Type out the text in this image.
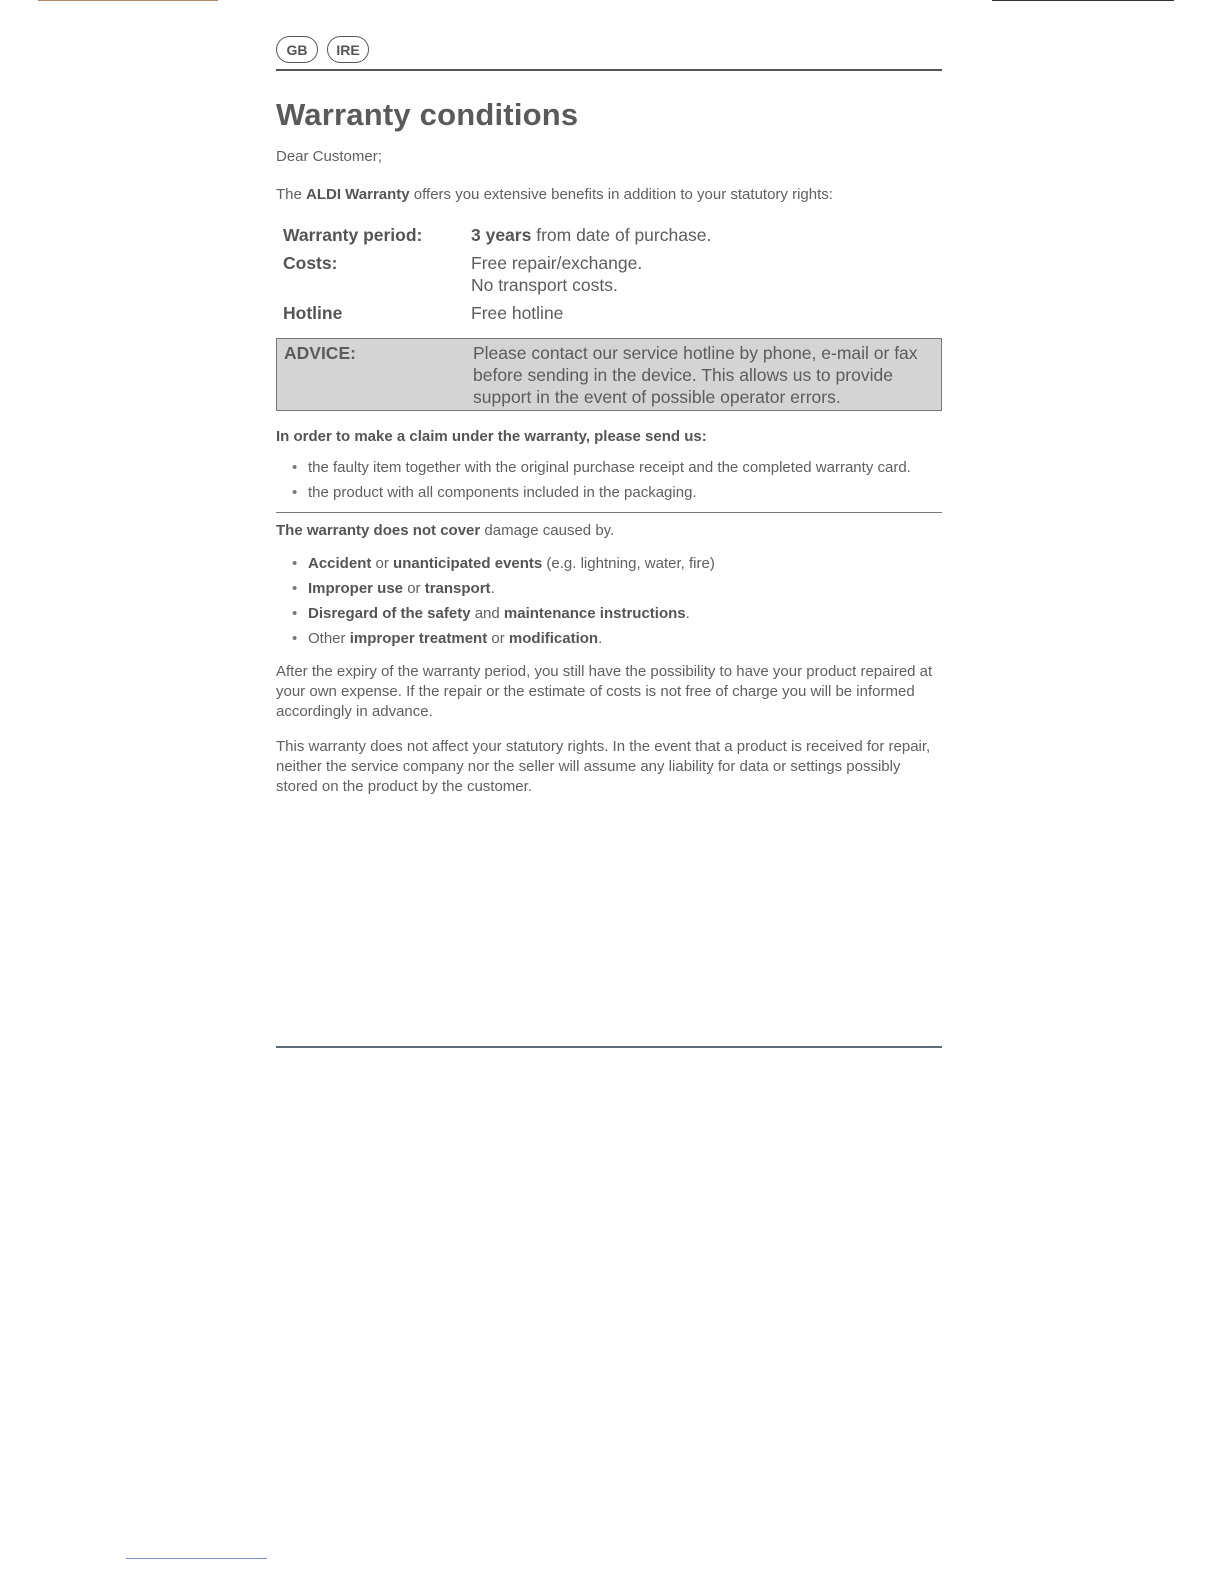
GB	IRE
Warranty conditions
Dear Customer;
The ALDI Warranty offers you extensive benefits in addition to your statutory rights:
Warranty period:	3 years from date of purchase.
Costs:	Free repair/exchange.
No transport costs.
Hotline	Free hotline
ADVICE:	Please contact our service hotline by phone, e-mail or fax before sending in the device. This allows us to provide support in the event of possible operator errors.
In order to make a claim under the warranty, please send us:
• the faulty item together with the original purchase receipt and the completed warranty card.
• the product with all components included in the packaging.
The warranty does not cover damage caused by.
• Accident or unanticipated events (e.g. lightning, water, fire)
• Improper use or transport.
• Disregard of the safety and maintenance instructions.
• Other improper treatment or modification.
After the expiry of the warranty period, you still have the possibility to have your product repaired at your own expense. If the repair or the estimate of costs is not free of charge you will be informed accordingly in advance.
This warranty does not affect your statutory rights. In the event that a product is received for repair, neither the service company nor the seller will assume any liability for data or settings possibly stored on the product by the customer.
